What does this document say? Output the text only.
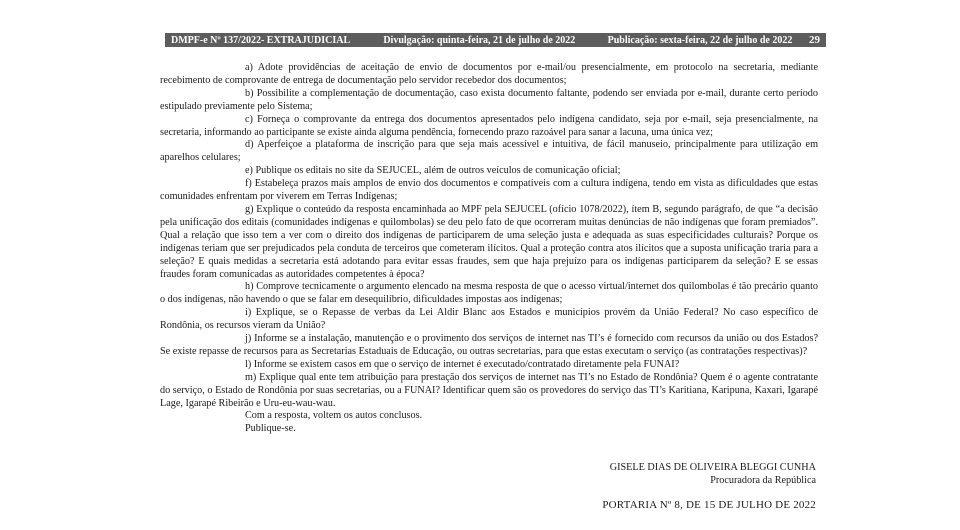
DMPF-e Nº 137/2022- EXTRAJUDICIAL	Divulgação: quinta-feira, 21 de julho de 2022	Publicação: sexta-feira, 22 de julho de 2022	29

a) Adote providências de aceitação de envio de documentos por e-mail/ou presencialmente, em protocolo na secretaria, mediante recebimento de comprovante de entrega de documentação pelo servidor recebedor dos documentos;

b) Possibilite a complementação de documentação, caso exista documento faltante, podendo ser enviada por e-mail, durante certo período estipulado previamente pelo Sistema;

c) Forneça o comprovante da entrega dos documentos apresentados pelo indígena candidato, seja por e-mail, seja presencialmente, na secretaria, informando ao participante se existe ainda alguma pendência, fornecendo prazo razoável para sanar a lacuna, uma única vez;

d) Aperfeiçoe a plataforma de inscrição para que seja mais acessível e intuitiva, de fácil manuseio, principalmente para utilização em aparelhos celulares;

e) Publique os editais no site da SEJUCEL, além de outros veículos de comunicação oficial;

f) Estabeleça prazos mais amplos de envio dos documentos e compatíveis com a cultura indígena, tendo em vista as dificuldades que estas comunidades enfrentam por viverem em Terras Indígenas;

g) Explique o conteúdo da resposta encaminhada ao MPF pela SEJUCEL (ofício 1078/2022), ítem B, segundo parágrafo, de que “a decisão pela unificação dos editais (comunidades indígenas e quilombolas) se deu pelo fato de que ocorreram muitas denúncias de não indígenas que foram premiados”. Qual a relação que isso tem a ver com o direito dos indígenas de participarem de uma seleção justa e adequada as suas especificidades culturais? Porque os indígenas teriam que ser prejudicados pela conduta de terceiros que cometeram ilícitos. Qual a proteção contra atos ilícitos que a suposta unificação traria para a seleção? E quais medidas a secretaria está adotando para evitar essas fraudes, sem que haja prejuízo para os indígenas participarem da seleção? E se essas fraudes foram comunicadas as autoridades competentes à época?

h) Comprove tecnicamente o argumento elencado na mesma resposta de que o acesso virtual/internet dos quilombolas é tão precário quanto o dos indígenas, não havendo o que se falar em desequilíbrio, dificuldades impostas aos indígenas;

i) Explique, se o Repasse de verbas da Lei Aldir Blanc aos Estados e municípios provém da União Federal? No caso específico de Rondônia, os recursos vieram da União?

j) Informe se a instalação, manutenção e o provimento dos serviços de internet nas TI’s é fornecido com recursos da união ou dos Estados? Se existe repasse de recursos para as Secretarias Estaduais de Educação, ou outras secretarias, para que estas executam o serviço (as contratações respectivas)?

l) Informe se existem casos em que o serviço de internet é executado/contratado diretamente pela FUNAI?

m) Explique qual ente tem atribuição para prestação dos serviços de internet nas TI’s no Estado de Rondônia? Quem é o agente contratante do serviço, o Estado de Rondônia por suas secretarias, ou a FUNAI? Identificar quem são os provedores do serviço das TI’s Karitiana, Karipuna, Kaxari, Igarapé Lage, Igarapé Ribeirão e Uru-eu-wau-wau.

Com a resposta, voltem os autos conclusos.

Publique-se.

GISELE DIAS DE OLIVEIRA BLEGGI CUNHA
Procuradora da República
PORTARIA Nº 8, DE 15 DE JULHO DE 2022
